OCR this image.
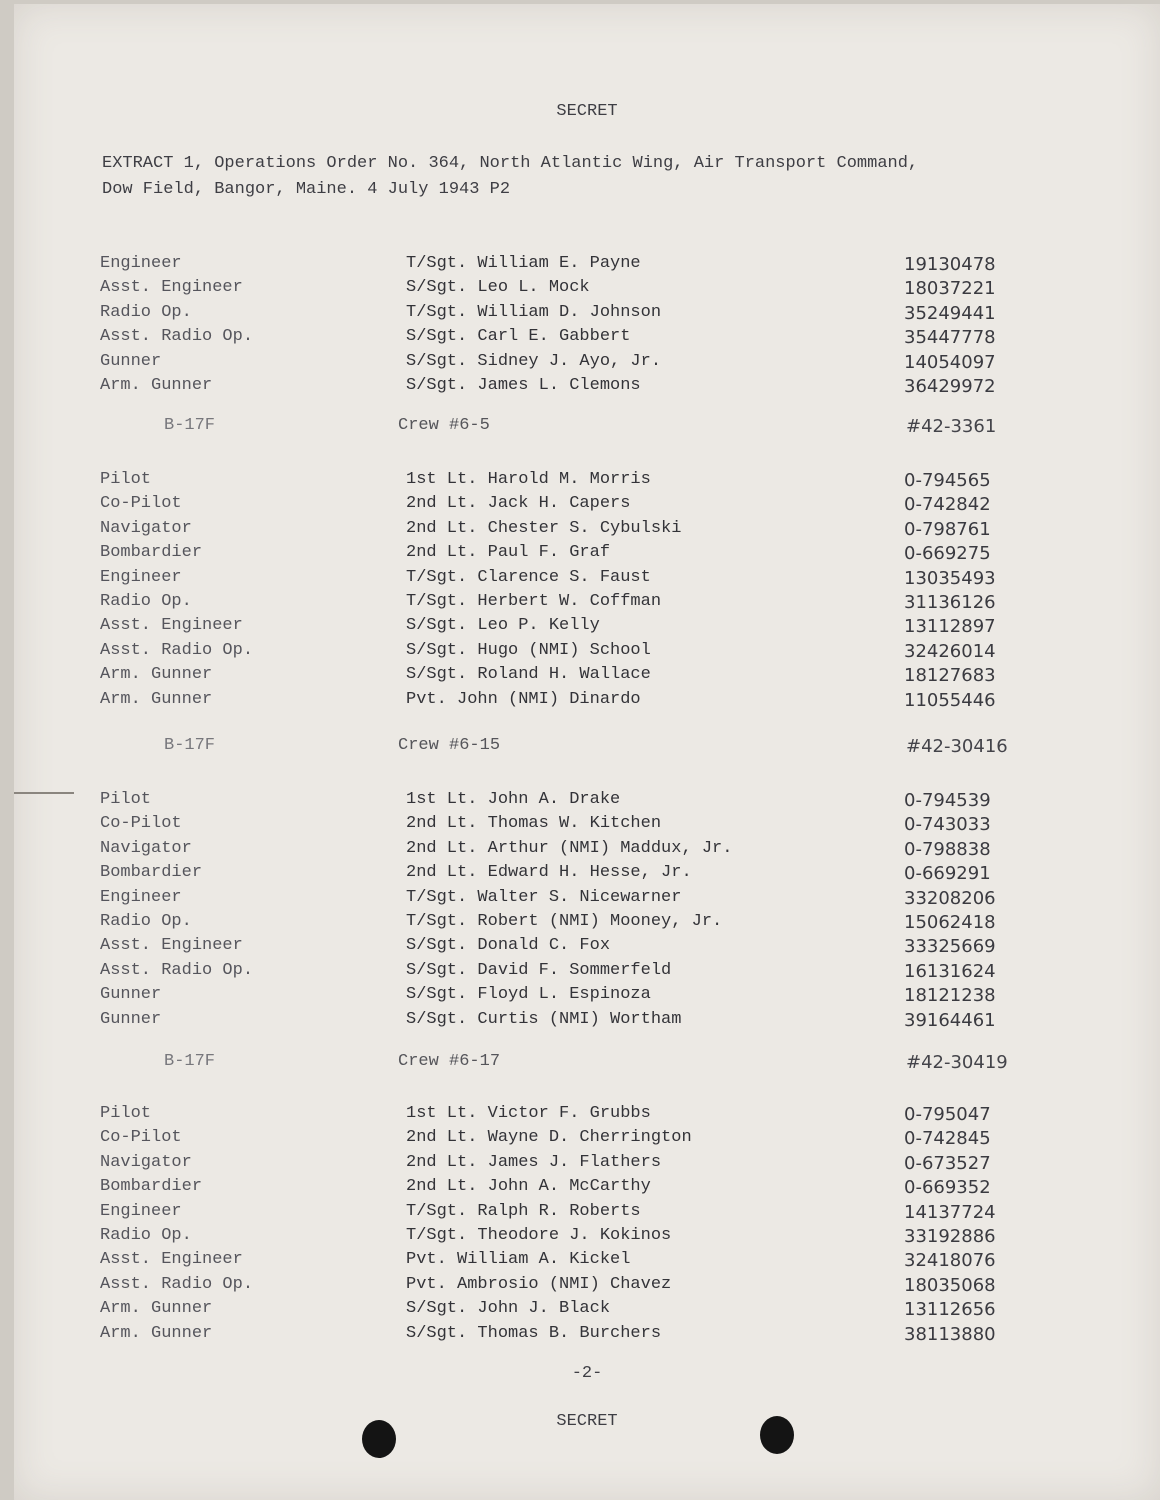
SECRET
EXTRACT 1, Operations Order No. 364, North Atlantic Wing, Air Transport Command,
Dow Field, Bangor, Maine. 4 July 1943 P2
Engineer	T/Sgt. William E. Payne	19130478
Asst. Engineer	S/Sgt. Leo L. Mock	18037221
Radio Op.	T/Sgt. William D. Johnson	35249441
Asst. Radio Op.	S/Sgt. Carl E. Gabbert	35447778
Gunner	S/Sgt. Sidney J. Ayo, Jr.	14054097
Arm. Gunner	S/Sgt. James L. Clemons	36429972
B-17F	Crew #6-5	#42-3361
Pilot	1st Lt. Harold M. Morris	0-794565
Co-Pilot	2nd Lt. Jack H. Capers	0-742842
Navigator	2nd Lt. Chester S. Cybulski	0-798761
Bombardier	2nd Lt. Paul F. Graf	0-669275
Engineer	T/Sgt. Clarence S. Faust	13035493
Radio Op.	T/Sgt. Herbert W. Coffman	31136126
Asst. Engineer	S/Sgt. Leo P. Kelly	13112897
Asst. Radio Op.	S/Sgt. Hugo (NMI) School	32426014
Arm. Gunner	S/Sgt. Roland H. Wallace	18127683
Arm. Gunner	Pvt. John (NMI) Dinardo	11055446
B-17F	Crew #6-15	#42-30416
Pilot	1st Lt. John A. Drake	0-794539
Co-Pilot	2nd Lt. Thomas W. Kitchen	0-743033
Navigator	2nd Lt. Arthur (NMI) Maddux, Jr.	0-798838
Bombardier	2nd Lt. Edward H. Hesse, Jr.	0-669291
Engineer	T/Sgt. Walter S. Nicewarner	33208206
Radio Op.	T/Sgt. Robert (NMI) Mooney, Jr.	15062418
Asst. Engineer	S/Sgt. Donald C. Fox	33325669
Asst. Radio Op.	S/Sgt. David F. Sommerfeld	16131624
Gunner	S/Sgt. Floyd L. Espinoza	18121238
Gunner	S/Sgt. Curtis (NMI) Wortham	39164461
B-17F	Crew #6-17	#42-30419
Pilot	1st Lt. Victor F. Grubbs	0-795047
Co-Pilot	2nd Lt. Wayne D. Cherrington	0-742845
Navigator	2nd Lt. James J. Flathers	0-673527
Bombardier	2nd Lt. John A. McCarthy	0-669352
Engineer	T/Sgt. Ralph R. Roberts	14137724
Radio Op.	T/Sgt. Theodore J. Kokinos	33192886
Asst. Engineer	Pvt. William A. Kickel	32418076
Asst. Radio Op.	Pvt. Ambrosio (NMI) Chavez	18035068
Arm. Gunner	S/Sgt. John J. Black	13112656
Arm. Gunner	S/Sgt. Thomas B. Burchers	38113880
-2-
SECRET
